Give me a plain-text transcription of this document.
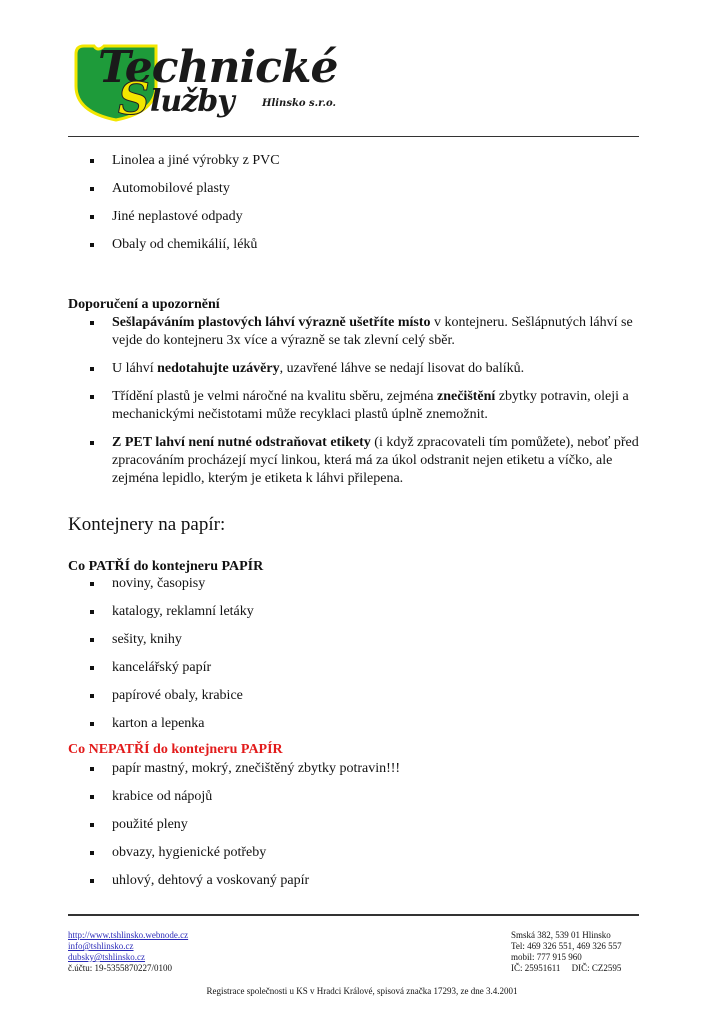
Technické
S lužby	Hlinsko s.r.o.
Linolea a jiné výrobky z PVC
Automobilové plasty
Jiné neplastové odpady
Obaly od chemikálií, léků
Doporučení a upozornění
Sešlapáváním plastových láhví výrazně ušetříte místo v kontejneru. Sešlápnutých láhví se vejde do kontejneru 3x více a výrazně se tak zlevní celý sběr.
U láhví nedotahujte uzávěry, uzavřené láhve se nedají lisovat do balíků.
Třídění plastů je velmi náročné na kvalitu sběru, zejména znečištění zbytky potravin, oleji a mechanickými nečistotami může recyklaci plastů úplně znemožnit.
Z PET lahví není nutné odstraňovat etikety (i když zpracovateli tím pomůžete), neboť před zpracováním procházejí mycí linkou, která má za úkol odstranit nejen etiketu a víčko, ale zejména lepidlo, kterým je etiketa k láhvi přilepena.
Kontejnery na papír:
Co PATŘÍ do kontejneru PAPÍR
noviny, časopisy
katalogy, reklamní letáky
sešity, knihy
kancelářský papír
papírové obaly, krabice
karton a lepenka
Co NEPATŘÍ do kontejneru PAPÍR
papír mastný, mokrý, znečištěný zbytky potravin!!!
krabice od nápojů
použité pleny
obvazy, hygienické potřeby
uhlový, dehtový a voskovaný papír
http://www.tshlinsko.webnode.cz
info@tshlinsko.cz
dubsky@tshlinsko.cz
č.účtu: 19-5355870227/0100
Smská 382, 539 01 Hlinsko
Tel: 469 326 551, 469 326 557
mobil: 777 915 960
IČ: 25951611     DIČ: CZ2595
Registrace společnosti u KS v Hradci Králové, spisová značka 17293, ze dne 3.4.2001
